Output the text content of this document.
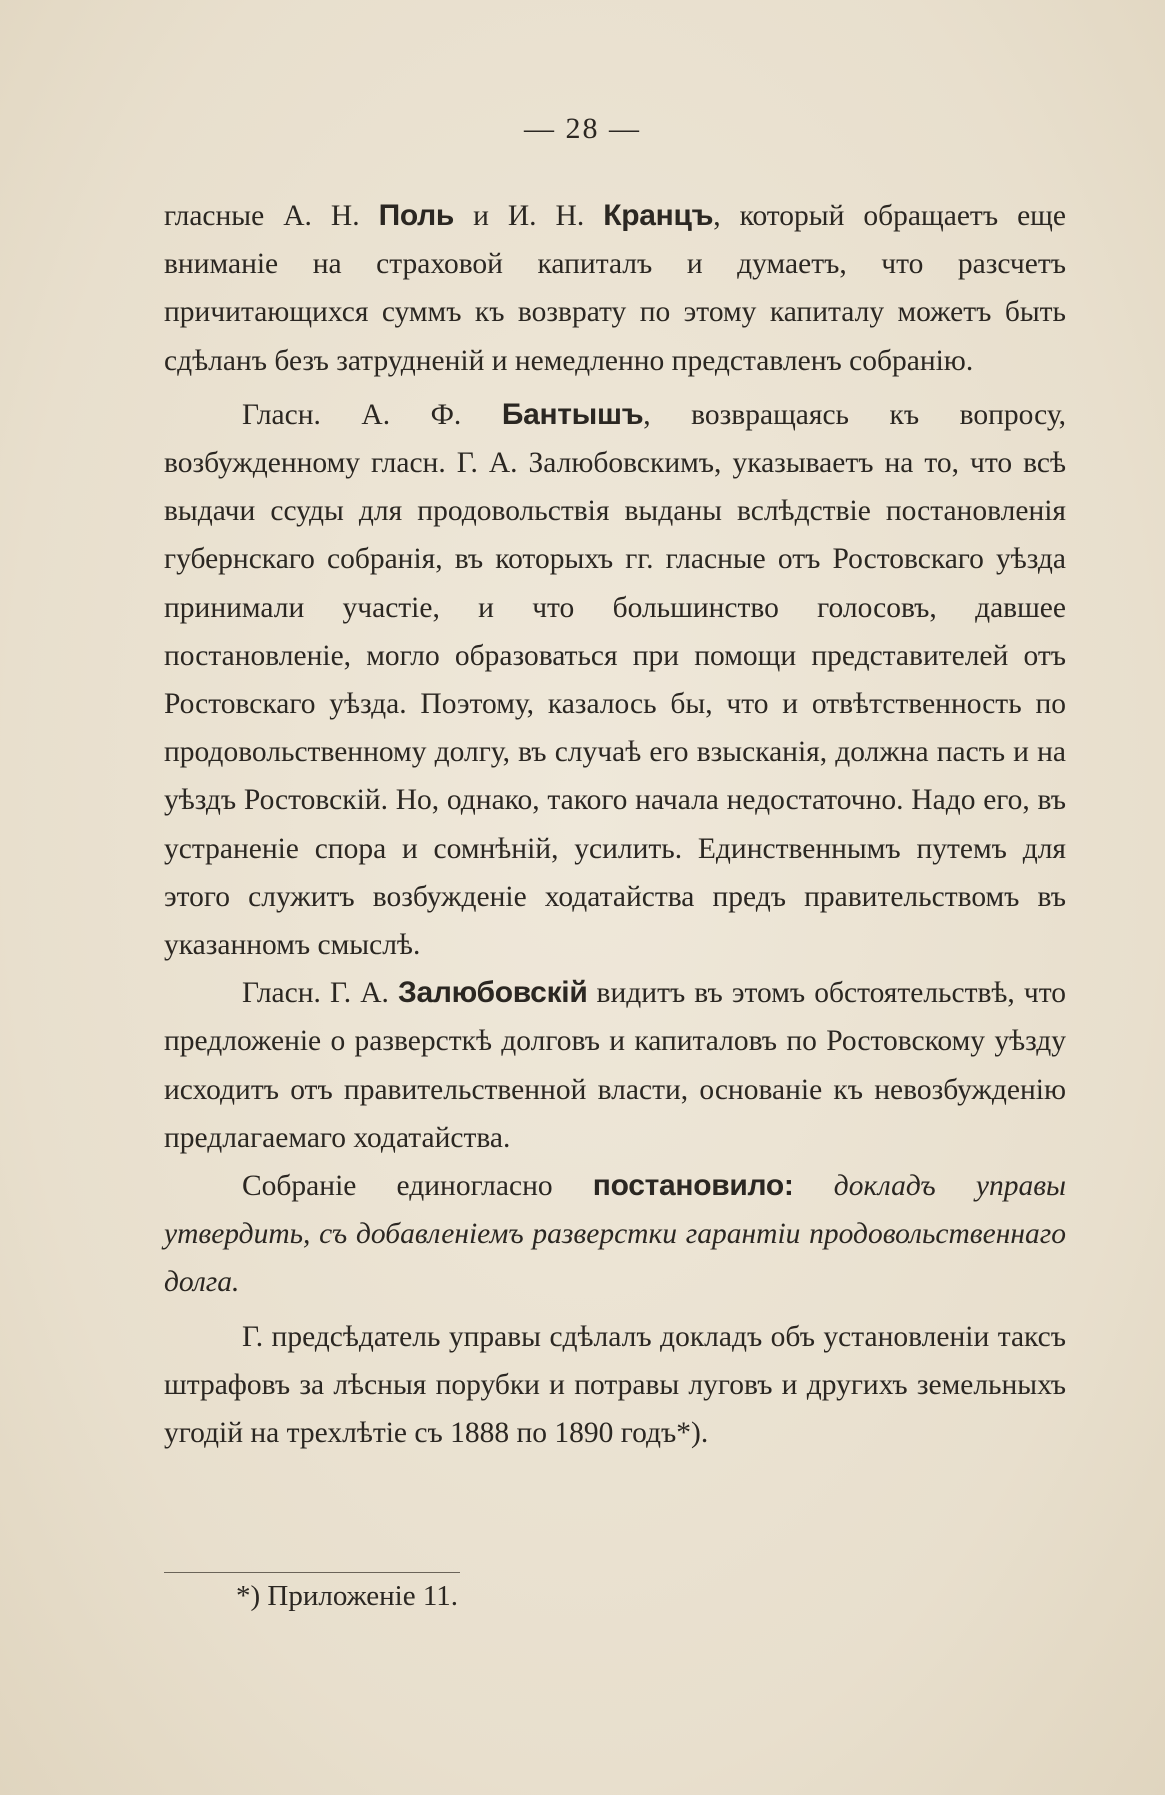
— 28 —

гласные А. Н. Поль и И. Н. Кранцъ, который обращаетъ еще вниманіе на страховой капиталъ и думаетъ, что разсчетъ причитающихся суммъ къ возврату по этому капиталу можетъ быть сдѣланъ безъ затрудненій и немедленно представленъ собранію.

Гласн. А. Ф. Бантышъ, возвращаясь къ вопросу, возбужденному гласн. Г. А. Залюбовскимъ, указываетъ на то, что всѣ выдачи ссуды для продовольствія выданы вслѣдствіе постановленія губернскаго собранія, въ которыхъ гг. гласные отъ Ростовскаго уѣзда принимали участіе, и что большинство голосовъ, давшее постановленіе, могло образоваться при помощи представителей отъ Ростовскаго уѣзда. Поэтому, казалось бы, что и отвѣтственность по продовольственному долгу, въ случаѣ его взысканія, должна пасть и на уѣздъ Ростовскій. Но, однако, такого начала недостаточно. Надо его, въ устраненіе спора и сомнѣній, усилить. Единственнымъ путемъ для этого служитъ возбужденіе ходатайства предъ правительствомъ въ указанномъ смыслѣ.

Гласн. Г. А. Залюбовскій видитъ въ этомъ обстоятельствѣ, что предложеніе о разверсткѣ долговъ и капиталовъ по Ростовскому уѣзду исходитъ отъ правительственной власти, основаніе къ невозбужденію предлагаемаго ходатайства.

Собраніе единогласно постановило: докладъ управы утвердить, съ добавленіемъ разверстки гарантіи продовольственнаго долга.

Г. предсѣдатель управы сдѣлалъ докладъ объ установленіи таксъ штрафовъ за лѣсныя порубки и потравы луговъ и другихъ земельныхъ угодій на трехлѣтіе съ 1888 по 1890 годъ*).

*) Приложеніе 11.
